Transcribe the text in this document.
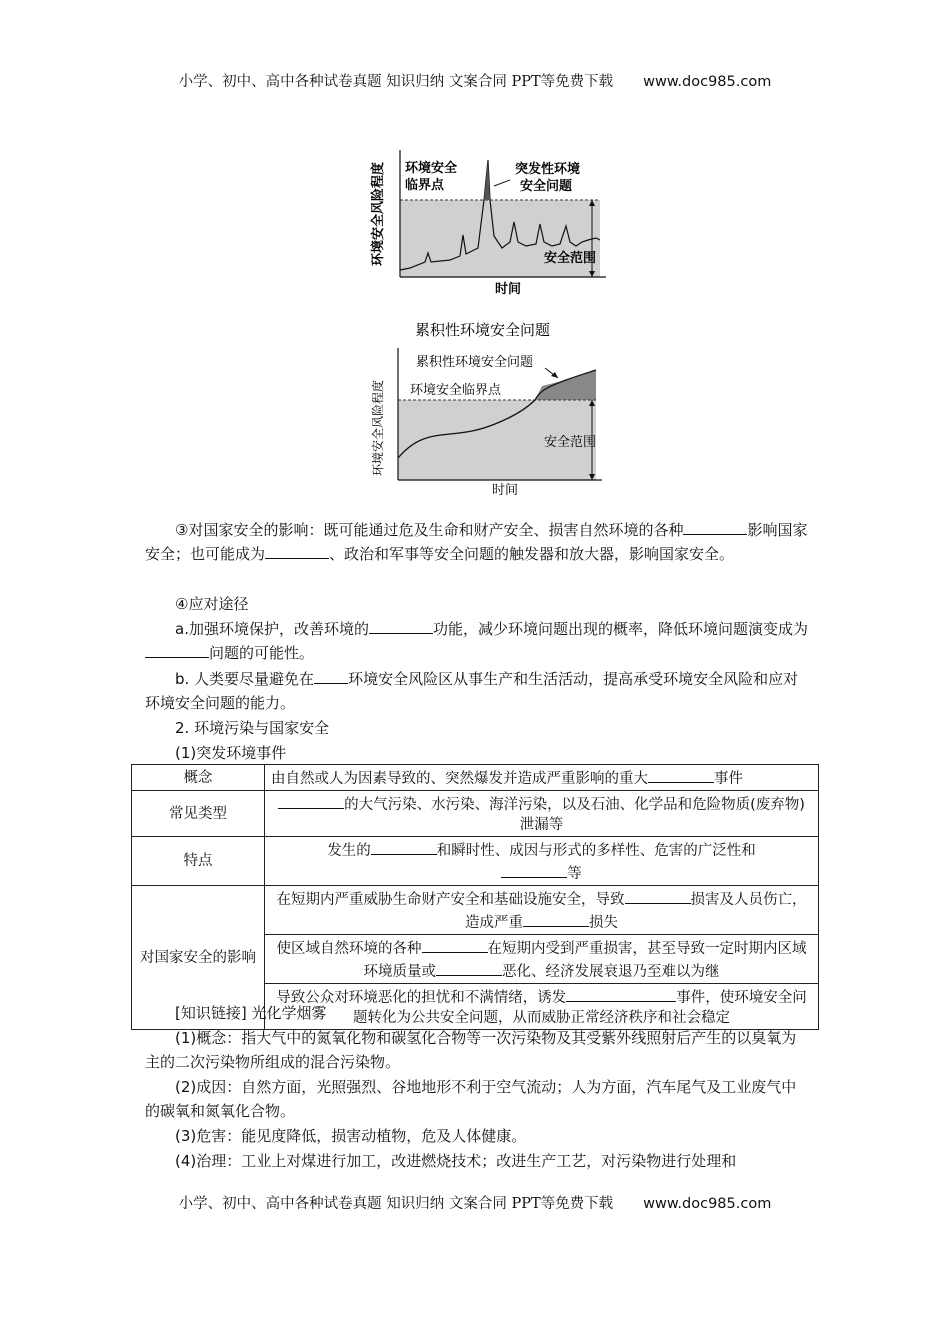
小学、初中、高中各种试卷真题 知识归纳 文案合同 PPT等免费下载 www.doc985.com
环境安全风险程度 环境安全
临界点
突发性环境
安全问题
安全范围
时间
累积性环境安全问题
环境安全风险程度
累积性环境安全问题
环境安全临界点
安全范围
时间
③对国家安全的影响：既可能通过危及生命和财产安全、损害自然环境的各种	影响国家安全；也可能成为	、政治和军事等安全问题的触发器和放大器，影响国家安全。
④应对途径
a.加强环境保护，改善环境的	功能，减少环境问题出现的概率，降低环境问题演变成为问题的可能性。
b. 人类要尽量避免在 环境安全风险区从事生产和生活活动，提高承受环境安全风险和应对环境安全问题的能力。
2. 环境污染与国家安全
(1)突发环境事件
概念	由自然或人为因素导致的、突然爆发并造成严重影响的重大 事件
常见类型	的大气污染、水污染、海洋污染，以及石油、化学品和危险物质(废弃物)泄漏等
特点	发生的 和瞬时性、成因与形式的多样性、危害的广泛性和
等
对国家安全的影响	在短期内严重威胁生命财产安全和基础设施安全，导致 损害及人员伤亡，造成严重 损失
	使区域自然环境的各种 在短期内受到严重损害，甚至导致一定时期内区域环境质量或 恶化、经济发展衰退乃至难以为继
	导致公众对环境恶化的担忧和不满情绪，诱发 事件，使环境安全问题转化为公共安全问题，从而威胁正常经济秩序和社会稳定
[知识链接] 光化学烟雾
(1)概念：指大气中的氮氧化物和碳氢化合物等一次污染物及其受紫外线照射后产生的以臭氧为主的二次污染物所组成的混合污染物。
(2)成因：自然方面，光照强烈、谷地地形不利于空气流动；人为方面，汽车尾气及工业废气中的碳氧和氮氧化合物。
(3)危害：能见度降低，损害动植物，危及人体健康。
(4)治理：工业上对煤进行加工，改进燃烧技术；改进生产工艺，对污染物进行处理和
小学、初中、高中各种试卷真题 知识归纳 文案合同 PPT等免费下载 www.doc985.com
